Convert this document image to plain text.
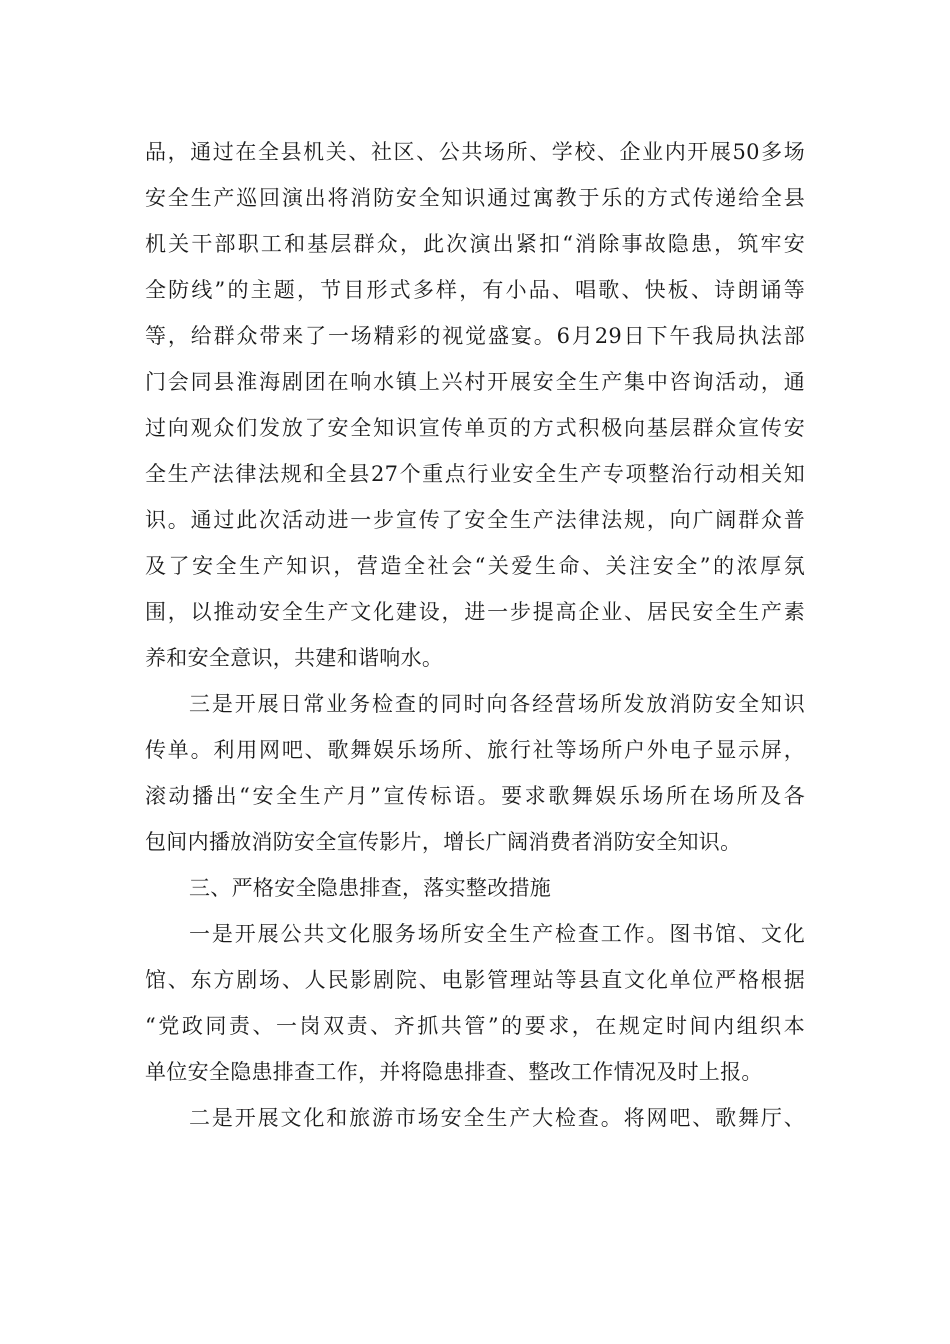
品，通过在全县机关、社区、公共场所、学校、企业内开展50多场
安全生产巡回演出将消防安全知识通过寓教于乐的方式传递给全县
机关干部职工和基层群众，此次演出紧扣“消除事故隐患，筑牢安
全防线”的主题，节目形式多样，有小品、唱歌、快板、诗朗诵等
等，给群众带来了一场精彩的视觉盛宴。6月29日下午我局执法部
门会同县淮海剧团在响水镇上兴村开展安全生产集中咨询活动，通
过向观众们发放了安全知识宣传单页的方式积极向基层群众宣传安
全生产法律法规和全县27个重点行业安全生产专项整治行动相关知
识。通过此次活动进一步宣传了安全生产法律法规，向广阔群众普
及了安全生产知识，营造全社会“关爱生命、关注安全”的浓厚氛
围，以推动安全生产文化建设，进一步提高企业、居民安全生产素
养和安全意识，共建和谐响水。
三是开展日常业务检查的同时向各经营场所发放消防安全知识
传单。利用网吧、歌舞娱乐场所、旅行社等场所户外电子显示屏，
滚动播出“安全生产月”宣传标语。要求歌舞娱乐场所在场所及各
包间内播放消防安全宣传影片，增长广阔消费者消防安全知识。
三、严格安全隐患排查，落实整改措施
一是开展公共文化服务场所安全生产检查工作。图书馆、文化
馆、东方剧场、人民影剧院、电影管理站等县直文化单位严格根据
“党政同责、一岗双责、齐抓共管”的要求，在规定时间内组织本
单位安全隐患排查工作，并将隐患排查、整改工作情况及时上报。
二是开展文化和旅游市场安全生产大检查。将网吧、歌舞厅、
